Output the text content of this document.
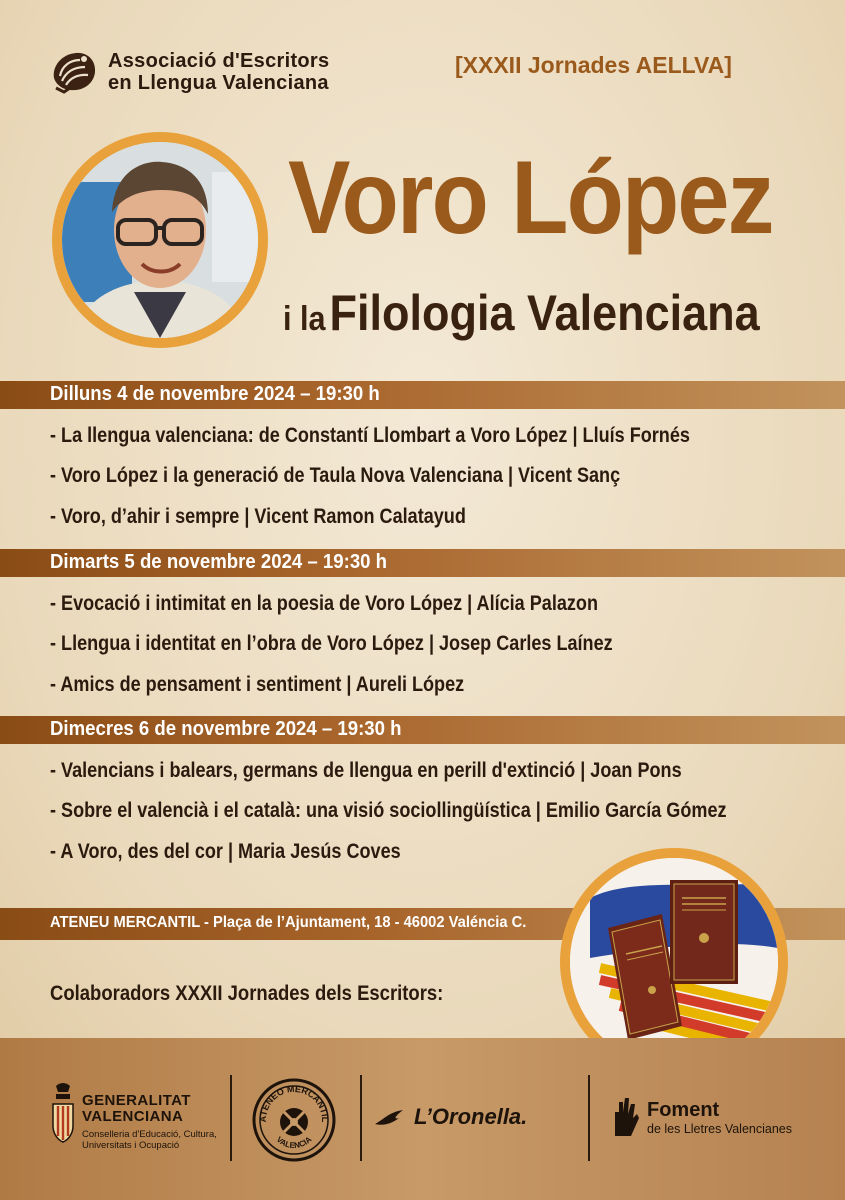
Associació d'Escritors
en Llengua Valenciana
[XXXII Jornades AELLVA]
Voro López
i la Filologia Valenciana
Dilluns 4 de novembre 2024 – 19:30 h
- La llengua valenciana: de Constantí Llombart a Voro López | Lluís Fornés
- Voro López i la generació de Taula Nova Valenciana | Vicent Sanç
- Voro, d’ahir i sempre | Vicent Ramon Calatayud
Dimarts 5 de novembre 2024 – 19:30 h
- Evocació i intimitat en la poesia de Voro López | Alícia Palazon
- Llengua i identitat en l’obra de Voro López | Josep Carles Laínez
- Amics de pensament i sentiment | Aureli López
Dimecres 6 de novembre 2024 – 19:30 h
- Valencians i balears, germans de llengua en perill d'extinció | Joan Pons
- Sobre el valencià i el català: una visió sociollingüística | Emilio García Gómez
- A Voro, des del cor | Maria Jesús Coves
ATENEU MERCANTIL - Plaça de l’Ajuntament, 18 - 46002 Valéncia C.
Colaboradors XXXII Jornades dels Escritors:
GENERALITAT
VALENCIANA
Conselleria d'Educació, Cultura,
Universitats i Ocupació
ATENEO MERCANTIL
VALENCIA
L’Oronella.	Foment
de les Lletres Valencianes
